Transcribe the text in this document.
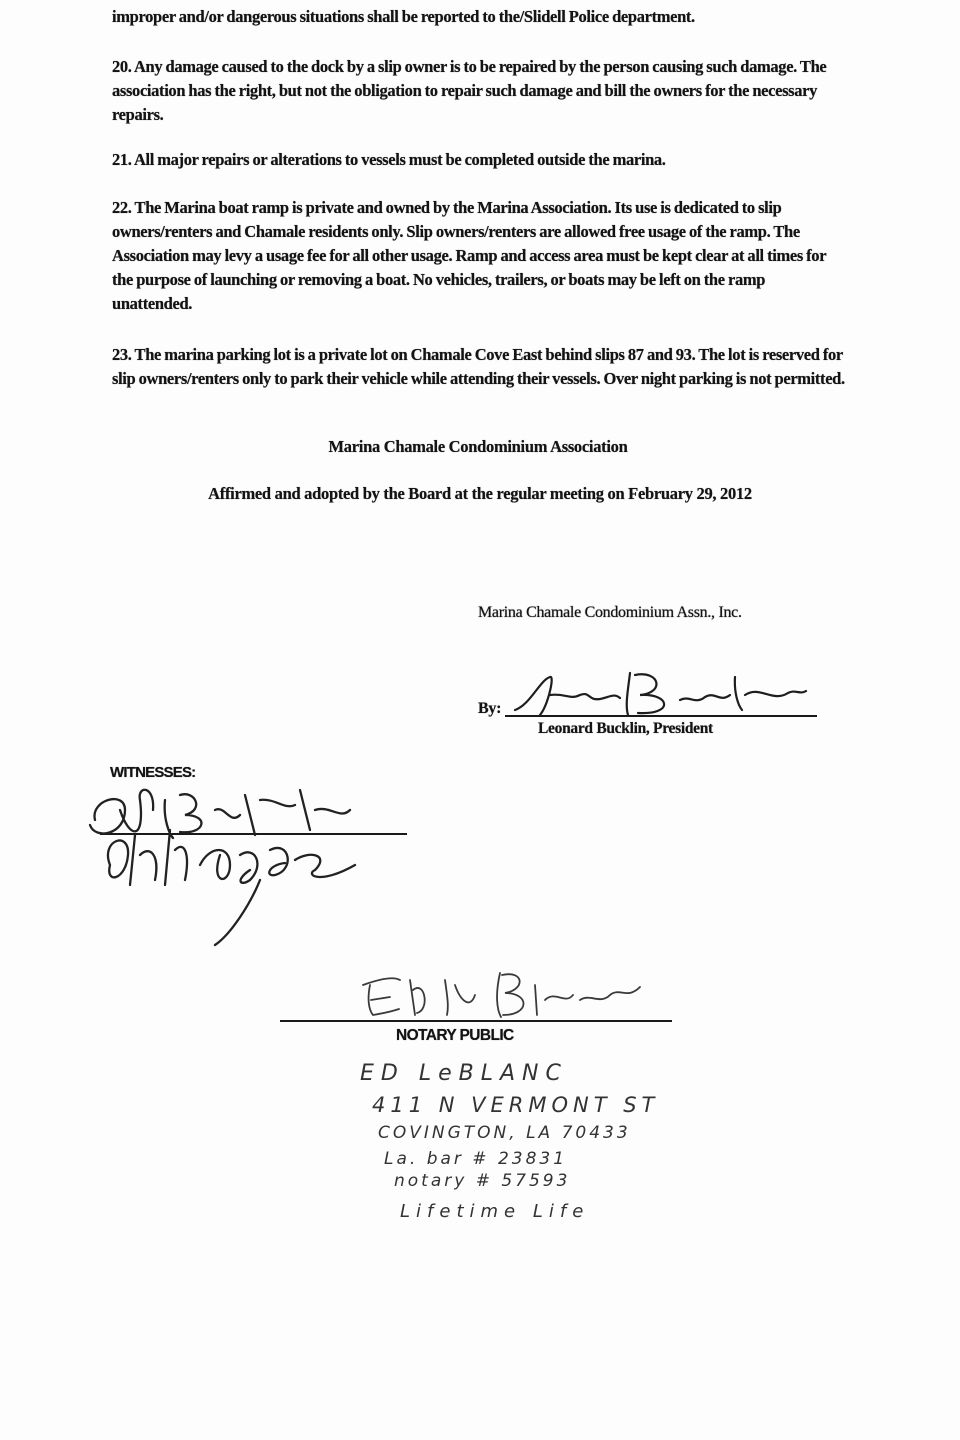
improper and/or dangerous situations shall be reported to the/Slidell Police department.

20. Any damage caused to the dock by a slip owner is to be repaired by the person causing such damage. The association has the right, but not the obligation to repair such damage and bill the owners for the necessary repairs.

21. All major repairs or alterations to vessels must be completed outside the marina.

22. The Marina boat ramp is private and owned by the Marina Association. Its use is dedicated to slip owners/renters and Chamale residents only. Slip owners/renters are allowed free usage of the ramp. The Association may levy a usage fee for all other usage. Ramp and access area must be kept clear at all times for the purpose of launching or removing a boat. No vehicles, trailers, or boats may be left on the ramp unattended.

23. The marina parking lot is a private lot on Chamale Cove East behind slips 87 and 93. The lot is reserved for slip owners/renters only to park their vehicle while attending their vessels. Over night parking is not permitted.

Marina Chamale Condominium Association

Affirmed and adopted by the Board at the regular meeting on February 29, 2012

Marina Chamale Condominium Assn., Inc.

By:

Leonard Bucklin, President

WITNESSES:

NOTARY PUBLIC

ED LeBLANC

411 N VERMONT ST

COVINGTON, LA 70433

La. bar # 23831

notary # 57593

Lifetime Life
